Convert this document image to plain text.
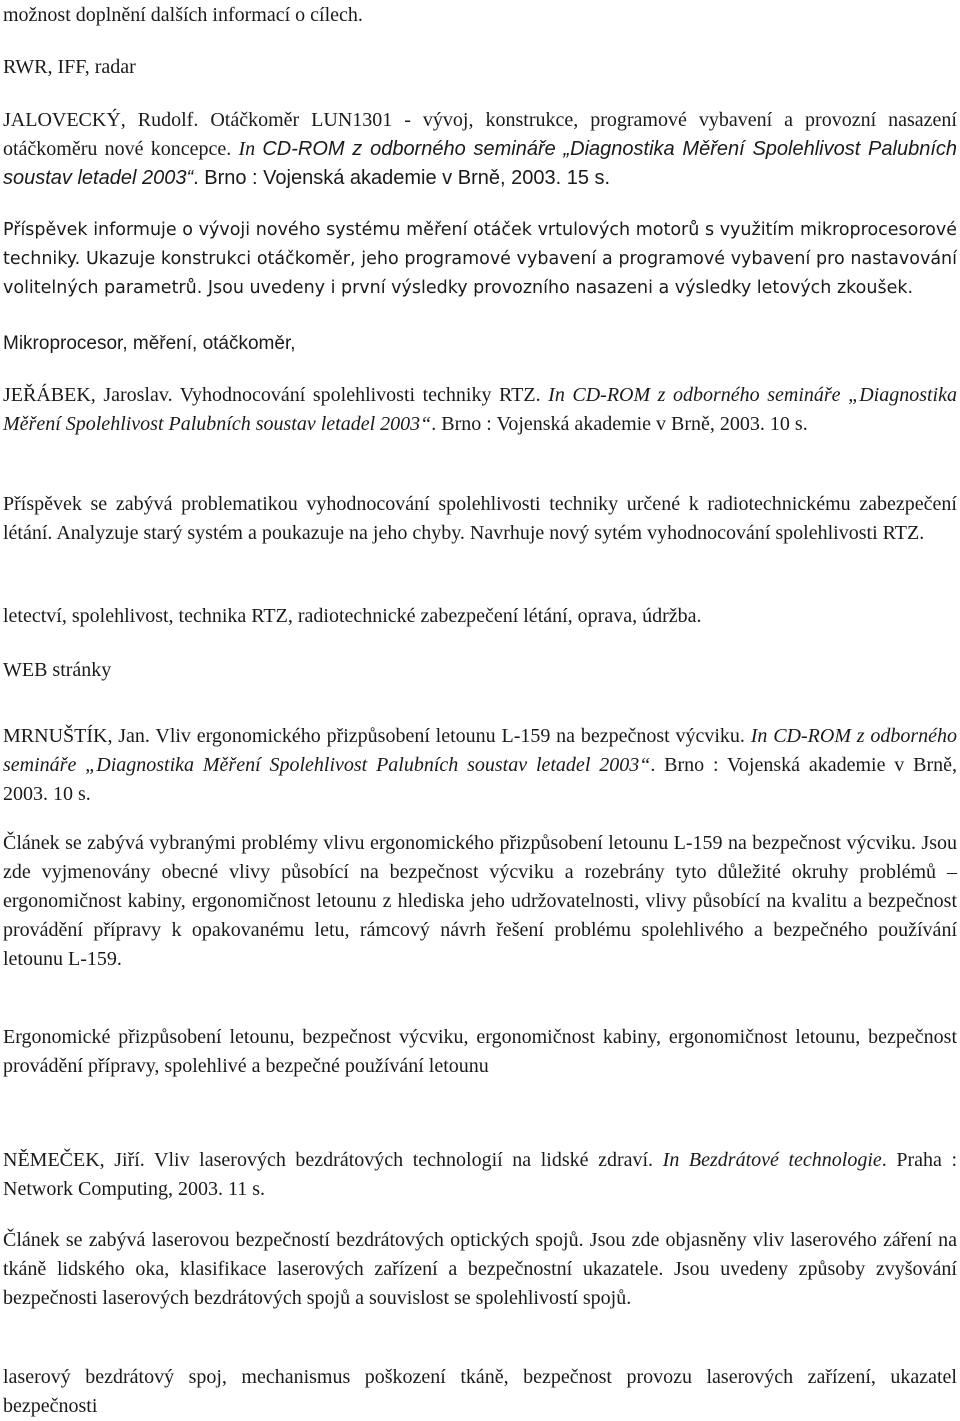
možnost doplnění dalších informací o cílech.

RWR, IFF, radar

JALOVECKÝ, Rudolf. Otáčkoměr LUN1301 - vývoj, konstrukce, programové vybavení a provozní nasazení otáčkoměru nové koncepce. In CD-ROM z odborného semináře „Diagnostika Měření Spolehlivost Palubních soustav letadel 2003“. Brno : Vojenská akademie v Brně, 2003. 15 s.

Příspěvek informuje o vývoji nového systému měření otáček vrtulových motorů s využitím mikroprocesorové techniky. Ukazuje konstrukci otáčkoměr, jeho programové vybavení a programové vybavení pro nastavování volitelných parametrů. Jsou uvedeny i první výsledky provozního nasazeni a výsledky letových zkoušek.

Mikroprocesor, měření, otáčkoměr,

JEŘÁBEK, Jaroslav. Vyhodnocování spolehlivosti techniky RTZ. In CD-ROM z odborného semináře „Diagnostika Měření Spolehlivost Palubních soustav letadel 2003“. Brno : Vojenská akademie v Brně, 2003. 10 s.

Příspěvek se zabývá problematikou vyhodnocování spolehlivosti techniky určené k radiotechnickému zabezpečení létání. Analyzuje starý systém a poukazuje na jeho chyby. Navrhuje nový sytém vyhodnocování spolehlivosti RTZ.

letectví, spolehlivost, technika RTZ, radiotechnické zabezpečení létání, oprava, údržba.

WEB stránky

MRNUŠTÍK, Jan. Vliv ergonomického přizpůsobení letounu L-159 na bezpečnost výcviku. In CD-ROM z odborného semináře „Diagnostika Měření Spolehlivost Palubních soustav letadel 2003“. Brno : Vojenská akademie v Brně, 2003. 10 s.

Článek se zabývá vybranými problémy vlivu ergonomického přizpůsobení letounu L-159 na bezpečnost výcviku. Jsou zde vyjmenovány obecné vlivy působící na bezpečnost výcviku a rozebrány tyto důležité okruhy problémů – ergonomičnost kabiny, ergonomičnost letounu z hlediska jeho udržovatelnosti, vlivy působící na kvalitu a bezpečnost provádění přípravy k opakovanému letu, rámcový návrh řešení problému spolehlivého a bezpečného používání letounu L-159.

Ergonomické přizpůsobení letounu, bezpečnost výcviku, ergonomičnost kabiny, ergonomičnost letounu, bezpečnost provádění přípravy, spolehlivé a bezpečné používání letounu

NĚMEČEK, Jiří. Vliv laserových bezdrátových technologií na lidské zdraví. In Bezdrátové technologie. Praha : Network Computing, 2003. 11 s.

Článek se zabývá laserovou bezpečností bezdrátových optických spojů. Jsou zde objasněny vliv laserového záření na tkáně lidského oka, klasifikace laserových zařízení a bezpečnostní ukazatele. Jsou uvedeny způsoby zvyšování bezpečnosti laserových bezdrátových spojů a souvislost se spolehlivostí spojů.

laserový bezdrátový spoj, mechanismus poškození tkáně, bezpečnost provozu laserových zařízení, ukazatel bezpečnosti
